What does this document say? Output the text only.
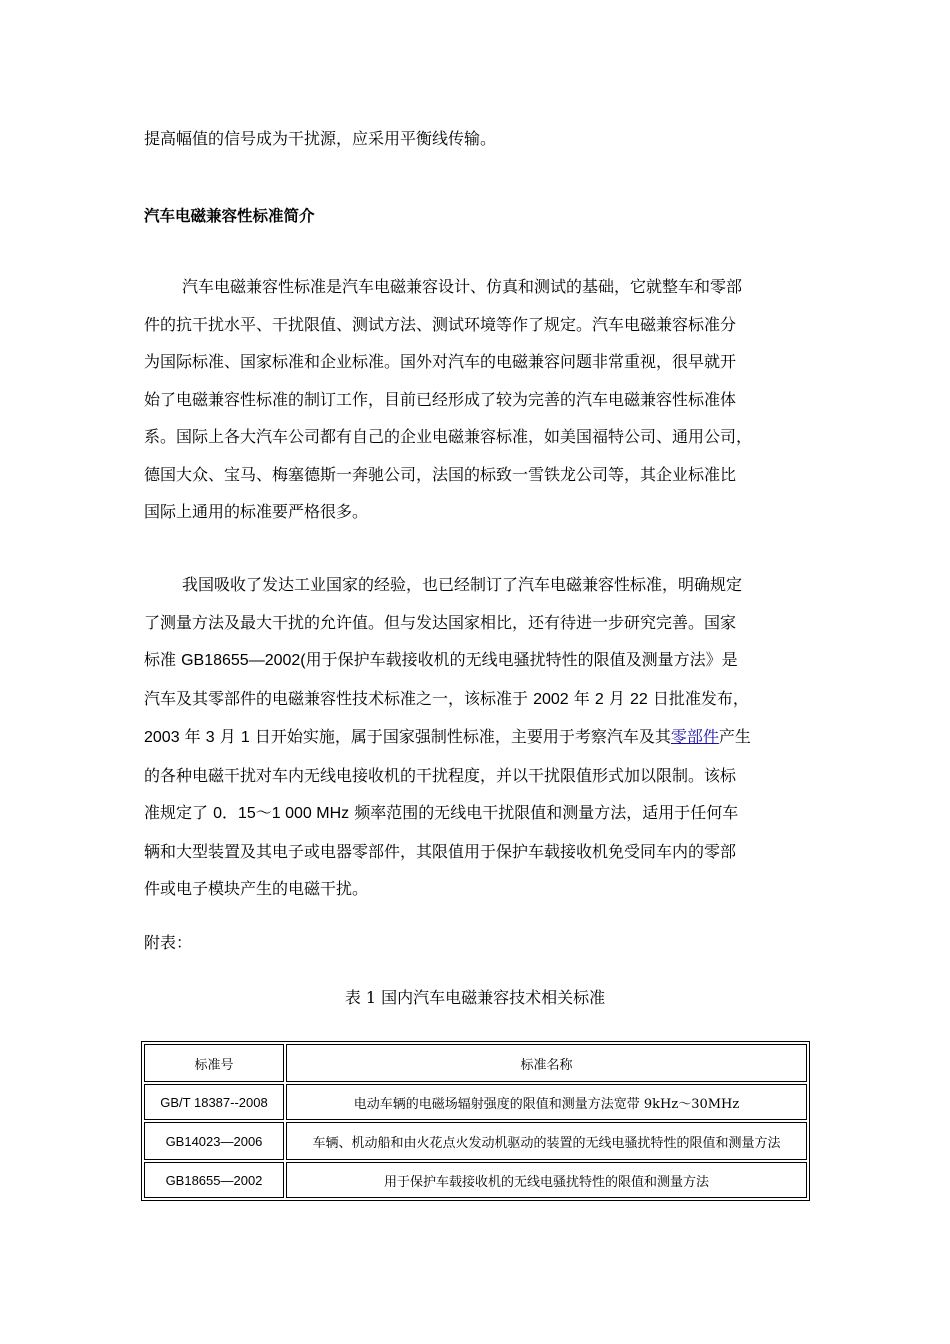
提高幅值的信号成为干扰源，应采用平衡线传输。
汽车电磁兼容性标准简介
汽车电磁兼容性标准是汽车电磁兼容设计、仿真和测试的基础，它就整车和零部
件的抗干扰水平、干扰限值、测试方法、测试环境等作了规定。汽车电磁兼容标准分
为国际标准、国家标准和企业标准。国外对汽车的电磁兼容问题非常重视，很早就开
始了电磁兼容性标准的制订工作，目前已经形成了较为完善的汽车电磁兼容性标准体
系。国际上各大汽车公司都有自己的企业电磁兼容标准，如美国福特公司、通用公司，
德国大众、宝马、梅塞德斯一奔驰公司，法国的标致一雪铁龙公司等，其企业标准比
国际上通用的标准要严格很多。
我国吸收了发达工业国家的经验，也已经制订了汽车电磁兼容性标准，明确规定
了测量方法及最大干扰的允许值。但与发达国家相比，还有待进一步研究完善。国家
标准 GB18655—2002(用于保护车载接收机的无线电骚扰特性的限值及测量方法》是
汽车及其零部件的电磁兼容性技术标准之一，该标准于 2002 年 2 月 22 日批准发布，
2003 年 3 月 1 日开始实施，属于国家强制性标准，主要用于考察汽车及其零部件产生
的各种电磁干扰对车内无线电接收机的干扰程度，并以干扰限值形式加以限制。该标
准规定了 0．15～1 000 MHz 频率范围的无线电干扰限值和测量方法，适用于任何车
辆和大型装置及其电子或电器零部件，其限值用于保护车载接收机免受同车内的零部
件或电子模块产生的电磁干扰。
附表：
表 1 国内汽车电磁兼容技术相关标准
标准号	标准名称
GB/T 18387--2008	电动车辆的电磁场辐射强度的限值和测量方法宽带 9kHz～30MHz
GB14023—2006	车辆、机动船和由火花点火发动机驱动的装置的无线电骚扰特性的限值和测量方法
GB18655—2002	用于保护车载接收机的无线电骚扰特性的限值和测量方法
